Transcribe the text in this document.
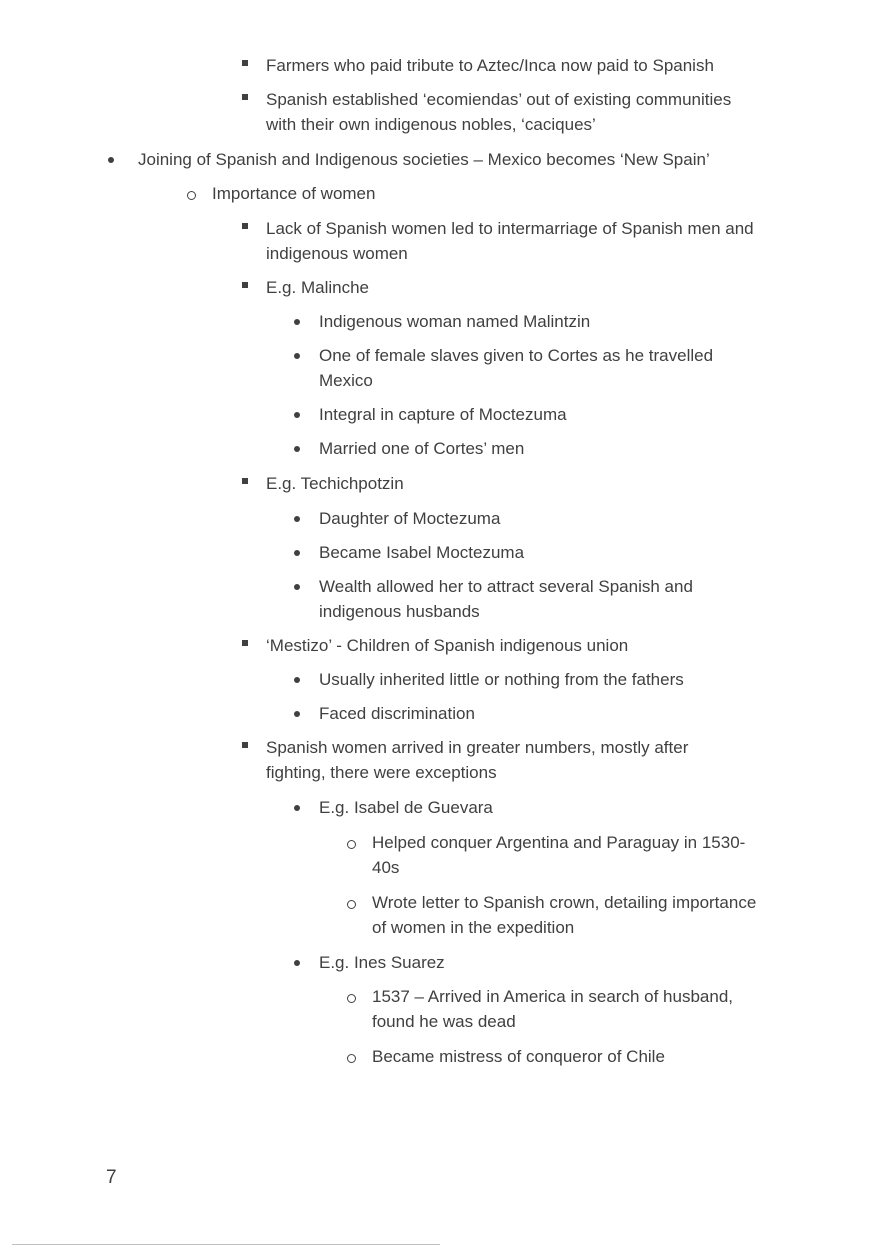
Farmers who paid tribute to Aztec/Inca now paid to Spanish
Spanish established ‘ecomiendas’ out of existing communities with their own indigenous nobles, ‘caciques’
Joining of Spanish and Indigenous societies – Mexico becomes ‘New Spain’
Importance of women
Lack of Spanish women led to intermarriage of Spanish men and indigenous women
E.g. Malinche
Indigenous woman named Malintzin
One of female slaves given to Cortes as he travelled Mexico
Integral in capture of Moctezuma
Married one of Cortes’ men
E.g. Techichpotzin
Daughter of Moctezuma
Became Isabel Moctezuma
Wealth allowed her to attract several Spanish and indigenous husbands
‘Mestizo’ - Children of Spanish indigenous union
Usually inherited little or nothing from the fathers
Faced discrimination
Spanish women arrived in greater numbers, mostly after fighting, there were exceptions
E.g. Isabel de Guevara
Helped conquer Argentina and Paraguay in 1530-40s
Wrote letter to Spanish crown, detailing importance of women in the expedition
E.g. Ines Suarez
1537 – Arrived in America in search of husband, found he was dead
Became mistress of conqueror of Chile
7
